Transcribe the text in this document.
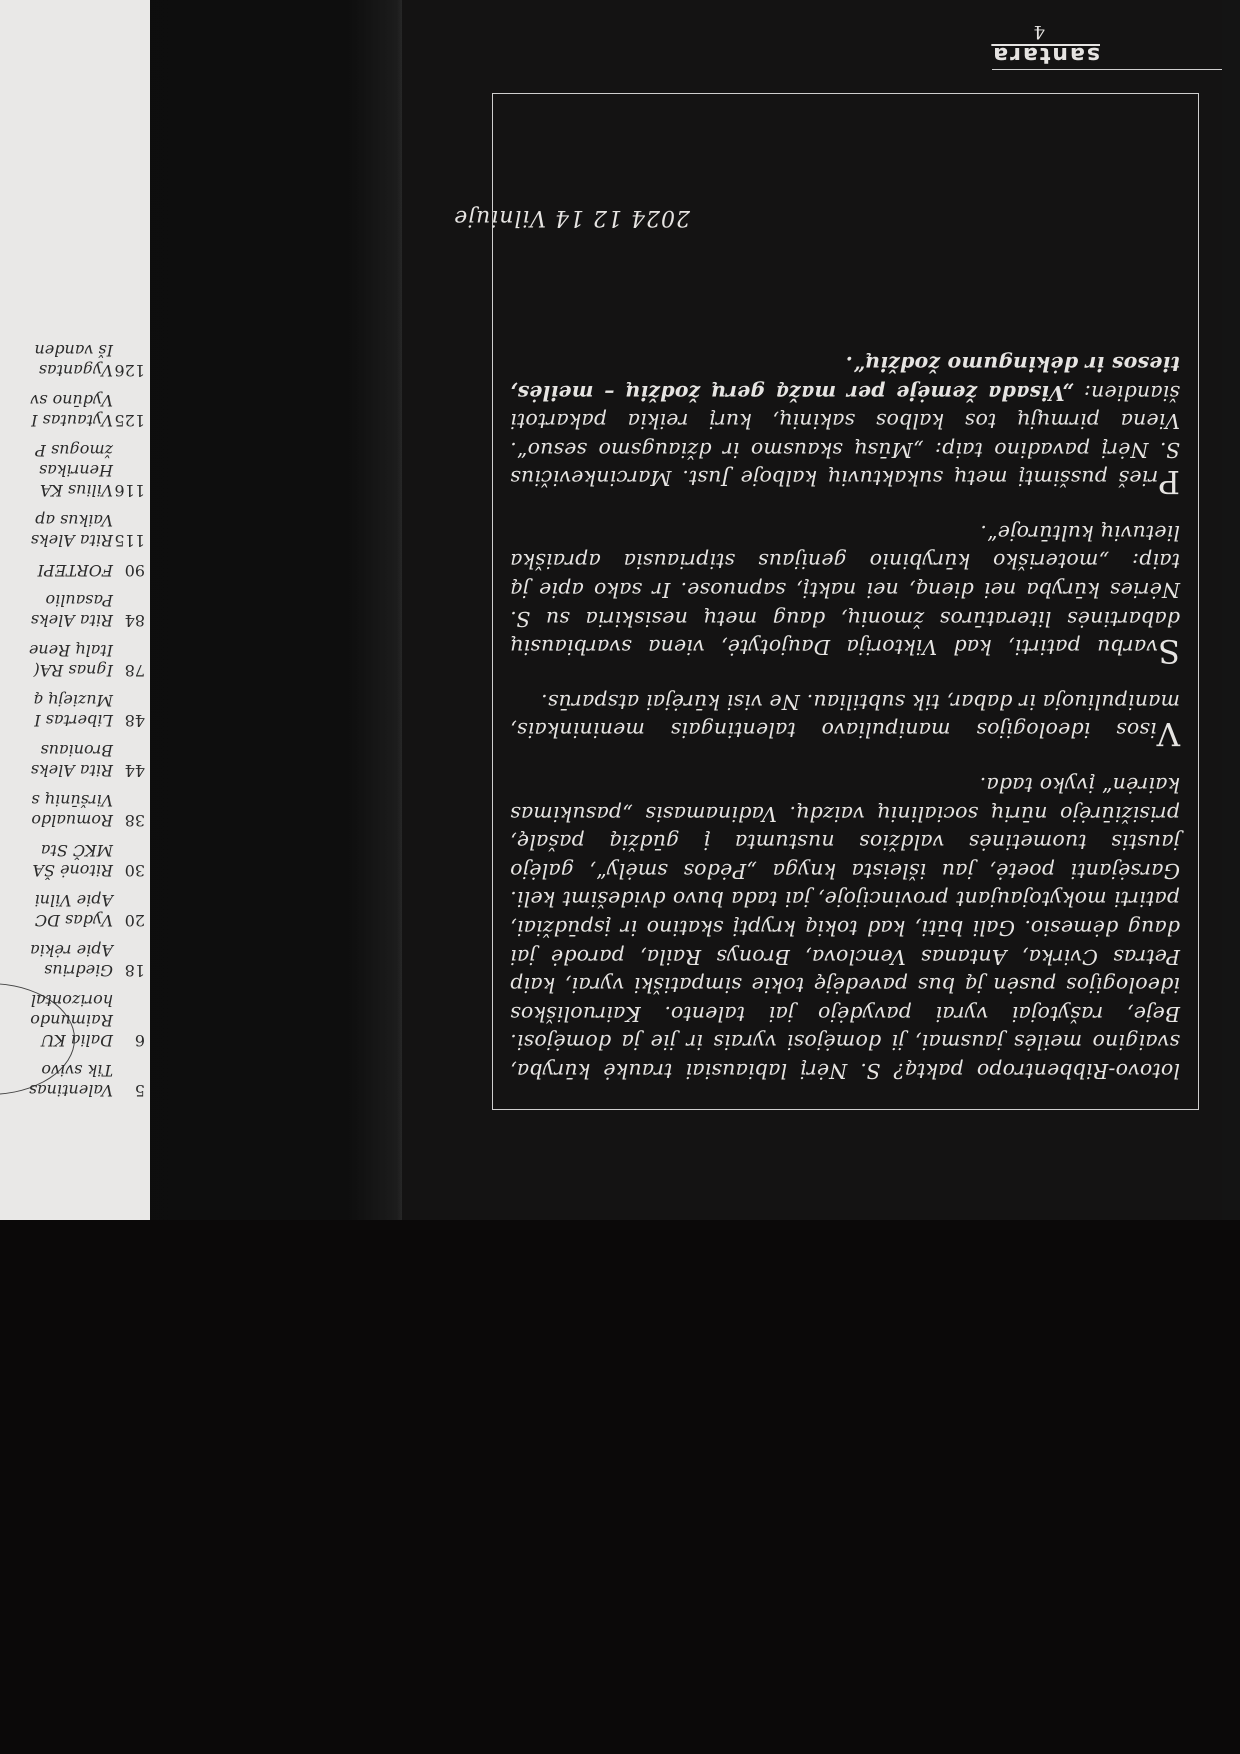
lotovo-Ribbentropo paktą? S. Nėrį labiausiai traukė kūryba, svaigino meilės jausmai, ji domėjosi vyrais ir jie ja domėjosi. Beje, rašytojai vyrai pavydėjo jai talento. Kairuoliškos ideologijos pusėn ją bus pavedėję tokie simpatiški vyrai, kaip Petras Cvirka, Antanas Venclova, Bronys Raila, parodė jai daug dėmesio. Gali būti, kad tokią kryptį skatino ir įspūdžiai, patirti mokytojaujant provincijoje, jai tada buvo dvidešimt keli. Garsėjanti poetė, jau išleista knyga „Pėdos smėly“, galėjo jaustis tuometinės valdžios nustumta į gūdžią pašalę, prisižiūrėjo nūrių socialinių vaizdų. Vadinamasis „pasukimas kairėn“ įvyko tada.

Visos ideologijos manipuliavo talentingais menininkais, manipuliuoja ir dabar, tik subtiliau. Ne visi kūrėjai atsparūs.

Svarbu patirti, kad Viktorija Daujotytė, viena svarbiausių dabartinės literatūros žmonių, daug metų nesiskiria su S. Nėries kūryba nei dieną, nei naktį, sapnuose. Ir sako apie ją taip: „moteriško kūrybinio genijaus stipriausia apraiška lietuvių kultūroje“.

Prieš pusšimtį metų sukaktuvių kalboje Just. Marcinkevičius S. Nėrį pavadino taip: „Mūsų skausmo ir džiaugsmo sesuo“. Viena pirmųjų tos kalbos sakinių, kurį reikia pakartoti šiandien: „Visada žemėje per mažą gerų žodžių – meilės, tiesos ir dėkingumo žodžių“.

2024 12 14 Vilniuje
santara
4
5Valentinas
Tik svivo
6Dalia KU
Raimundo
horizontal
18Giedrius
Apie rėkia
20Vydas DC
Apie Vilni
30Ritonė ŠA
MKČ Sta
38Romualdo
Viršūnių s
44Rita Aleks
Broniaus
48Libertas I
Muziejų ą
78Ignas RA(
Italų Rene
84Rita Aleks
Pasaulio
90FORTEPI
115Rita Aleks
Vaikus ap
116Vilius KA
Henrikas
žmogus P
125Vytautas I
Vydūno sv
126Vygantas
Iš vanden
